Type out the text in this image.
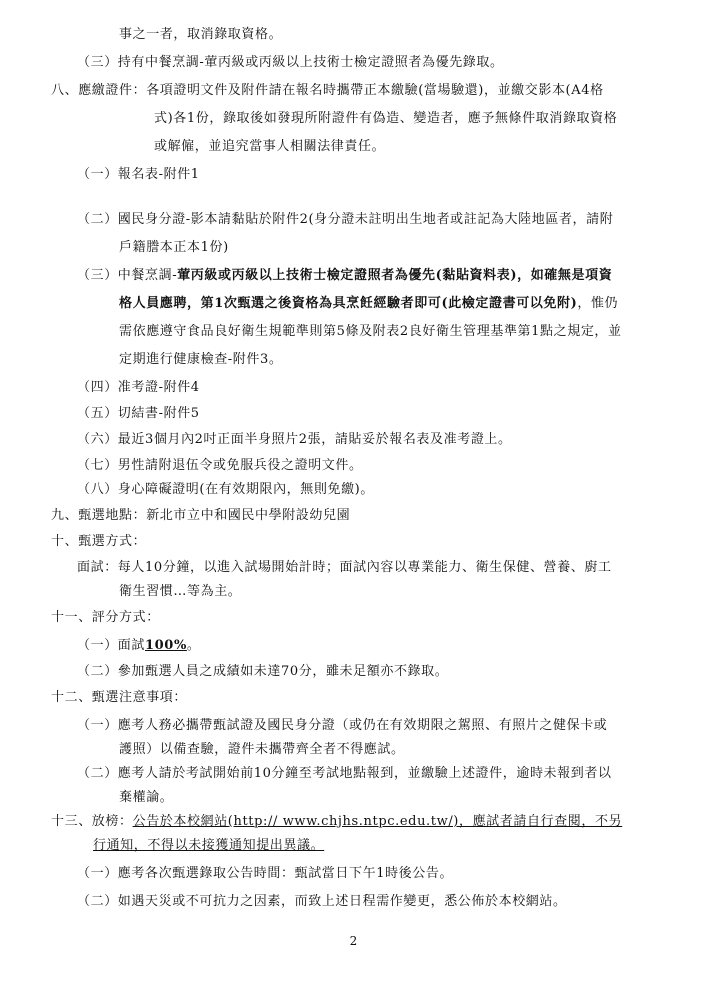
事之一者，取消錄取資格。
（三）持有中餐烹調-葷丙級或丙級以上技術士檢定證照者為優先錄取。
八、應繳證件：各項證明文件及附件請在報名時攜帶正本繳驗(當場驗還)，並繳交影本(A4格
式)各1份，錄取後如發現所附證件有偽造、變造者，應予無條件取消錄取資格
或解僱，並追究當事人相關法律責任。
（一）報名表-附件1
（二）國民身分證-影本請黏貼於附件2(身分證未註明出生地者或註記為大陸地區者，請附
戶籍謄本正本1份)
（三）中餐烹調-葷丙級或丙級以上技術士檢定證照者為優先(黏貼資料表)，如確無是項資
格人員應聘，第1次甄選之後資格為具烹飪經驗者即可(此檢定證書可以免附)，惟仍
需依應遵守食品良好衛生規範準則第5條及附表2良好衛生管理基準第1點之規定，並
定期進行健康檢查-附件3。
（四）准考證-附件4
（五）切結書-附件5
（六）最近3個月內2吋正面半身照片2張，請貼妥於報名表及准考證上。
（七）男性請附退伍令或免服兵役之證明文件。
（八）身心障礙證明(在有效期限內，無則免繳)。
九、甄選地點：新北市立中和國民中學附設幼兒園
十、甄選方式：
面試：每人10分鐘，以進入試場開始計時；面試內容以專業能力、衛生保健、營養、廚工
衛生習慣…等為主。
十一、評分方式：
（一）面試100%。
（二）參加甄選人員之成績如未達70分，雖未足額亦不錄取。
十二、甄選注意事項：
（一）應考人務必攜帶甄試證及國民身分證（或仍在有效期限之駕照、有照片之健保卡或
護照）以備查驗，證件未攜帶齊全者不得應試。
（二）應考人請於考試開始前10分鐘至考試地點報到，並繳驗上述證件，逾時未報到者以
棄權論。
十三、放榜：公告於本校網站(http:// www.chjhs.ntpc.edu.tw/)，應試者請自行查閱，不另
行通知，不得以未接獲通知提出異議。
（一）應考各次甄選錄取公告時間：甄試當日下午1時後公告。
2
（二）如遇天災或不可抗力之因素，而致上述日程需作變更，悉公佈於本校網站。
